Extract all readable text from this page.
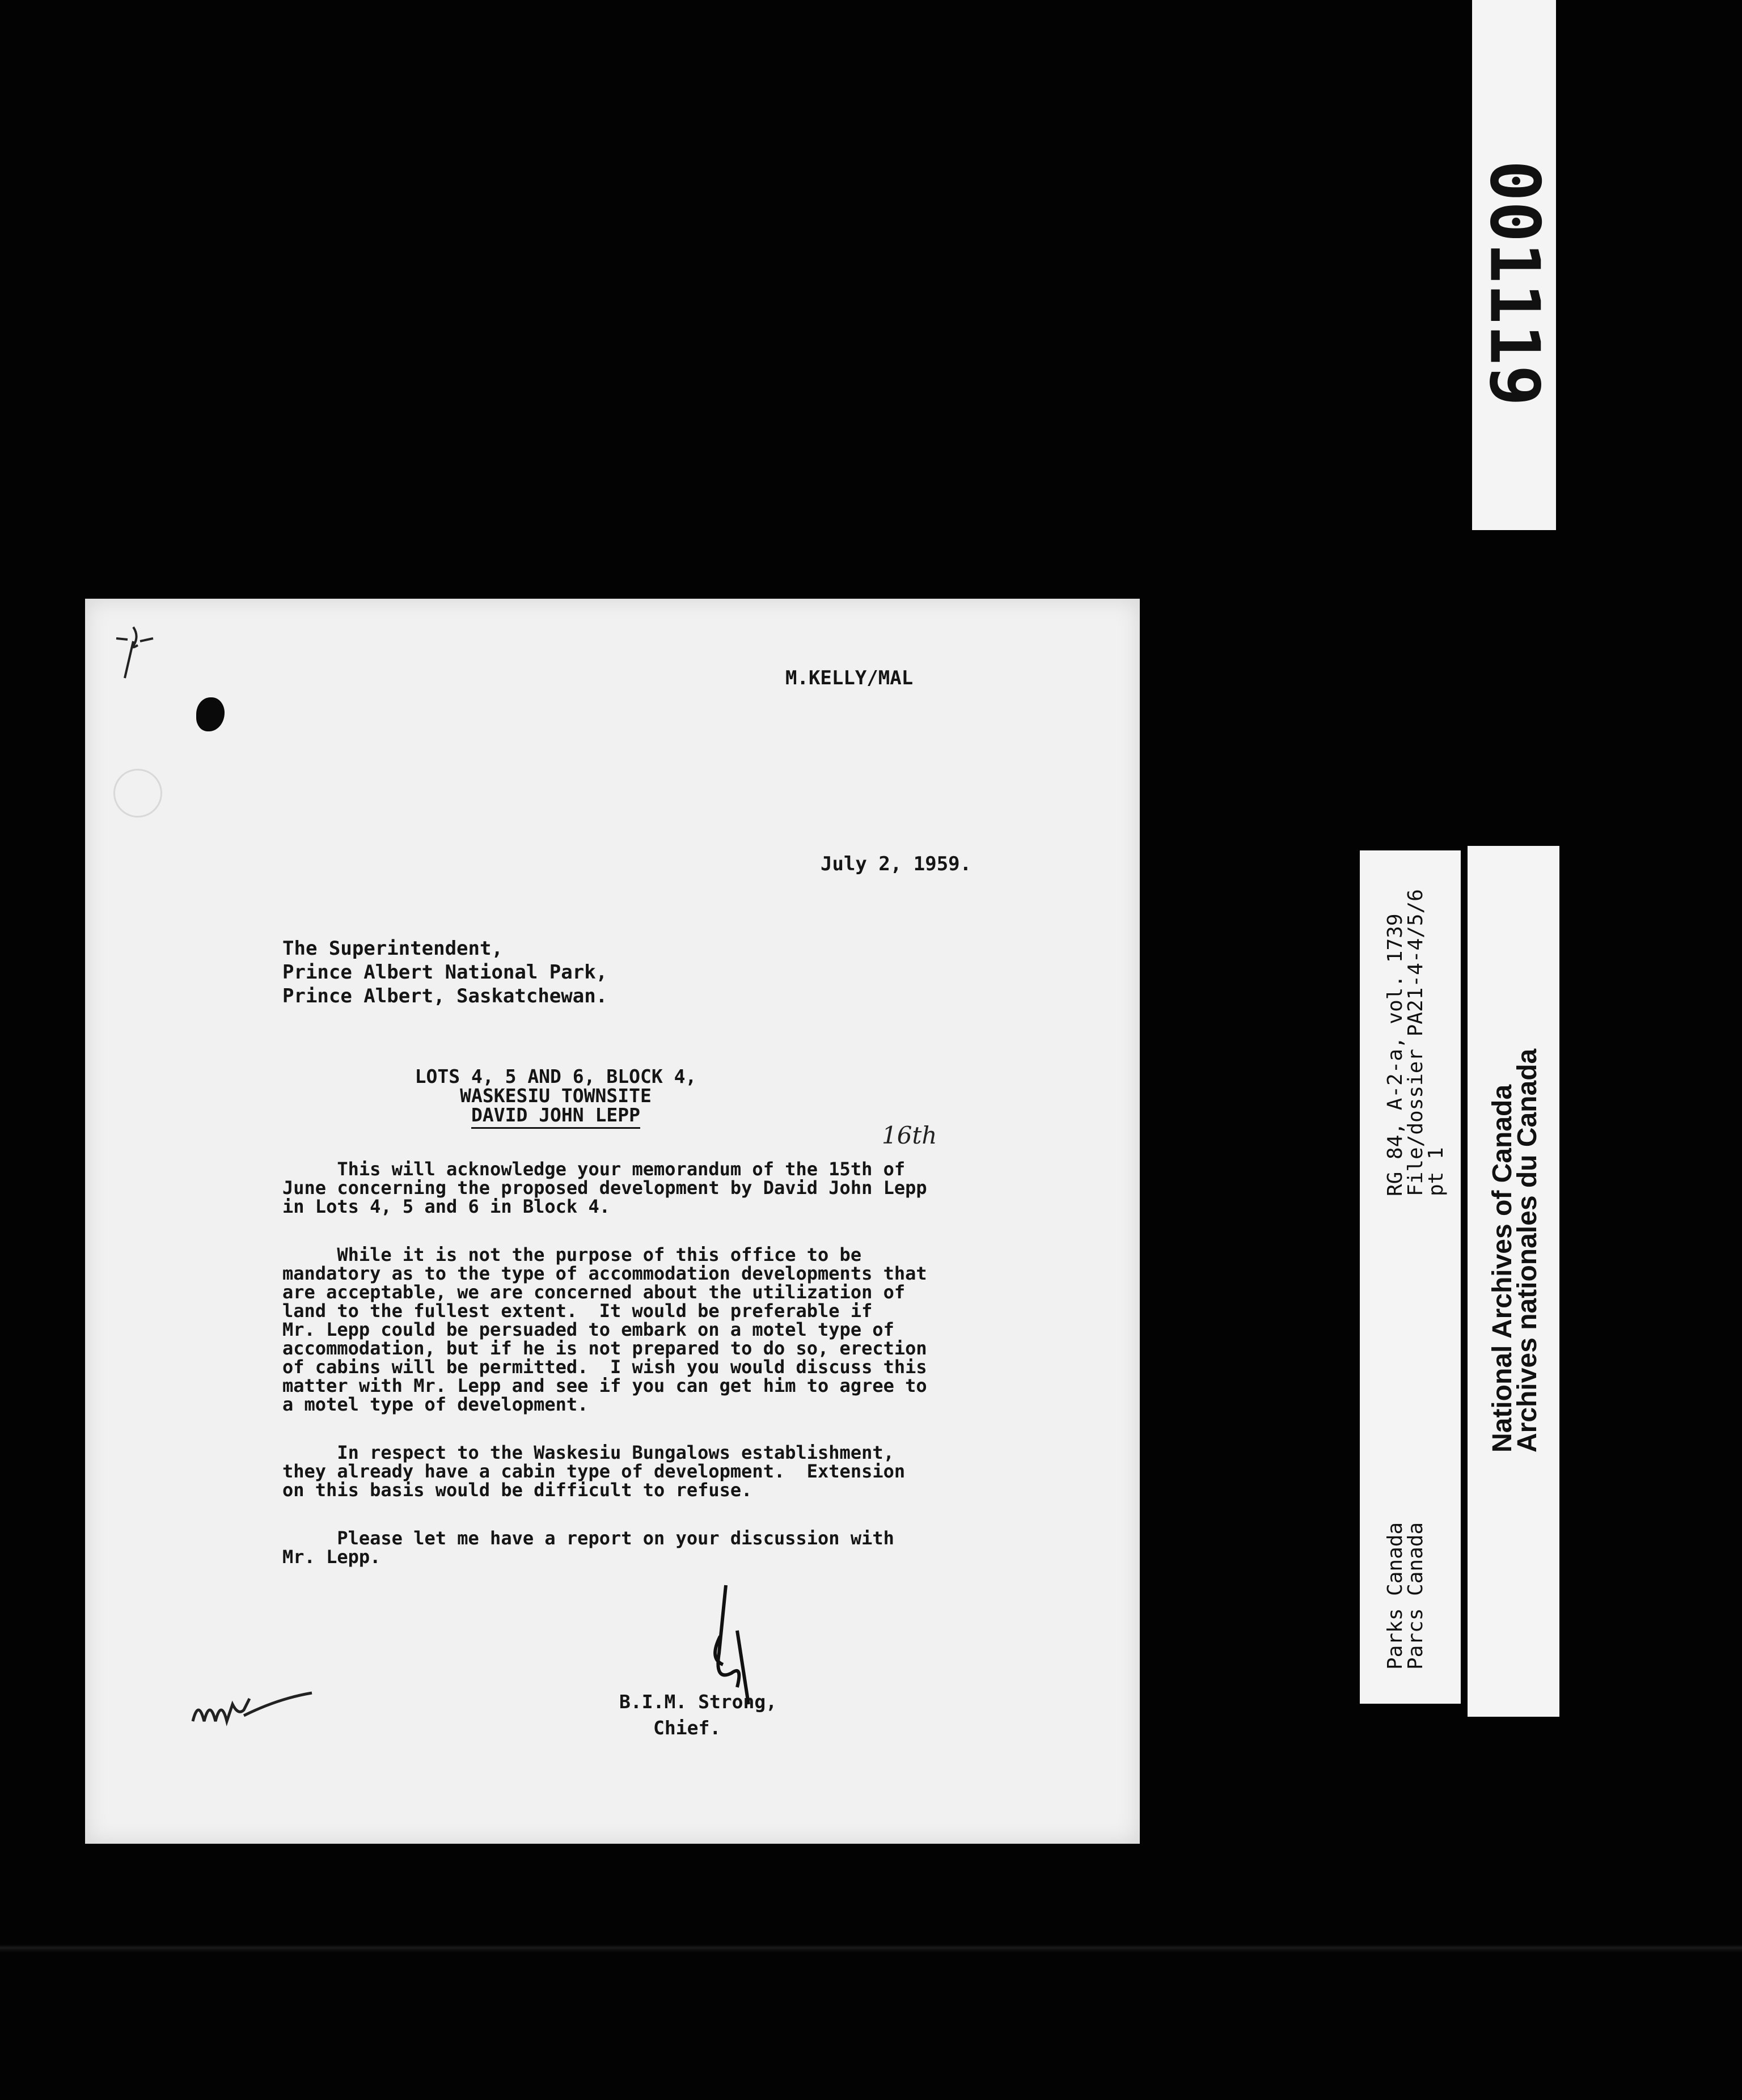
001119
M.KELLY/MAL
July 2, 1959.
The Superintendent,
Prince Albert National Park,
Prince Albert, Saskatchewan.
LOTS 4, 5 AND 6, BLOCK 4,
WASKESIU TOWNSITE
DAVID JOHN LEPP
16th
This will acknowledge your memorandum of the 15th of
June concerning the proposed development by David John Lepp
in Lots 4, 5 and 6 in Block 4.
While it is not the purpose of this office to be
mandatory as to the type of accommodation developments that
are acceptable, we are concerned about the utilization of
land to the fullest extent.  It would be preferable if
Mr. Lepp could be persuaded to embark on a motel type of
accommodation, but if he is not prepared to do so, erection
of cabins will be permitted.  I wish you would discuss this
matter with Mr. Lepp and see if you can get him to agree to
a motel type of development.
In respect to the Waskesiu Bungalows establishment,
they already have a cabin type of development.  Extension
on this basis would be difficult to refuse.
Please let me have a report on your discussion with
Mr. Lepp.
B.I.M. Strong,
Chief.
RG 84, A-2-a, vol. 1739
File/dossier PA21-4-4/5/6
pt 1
Parks Canada
Parcs Canada
National Archives of Canada
Archives nationales du Canada
